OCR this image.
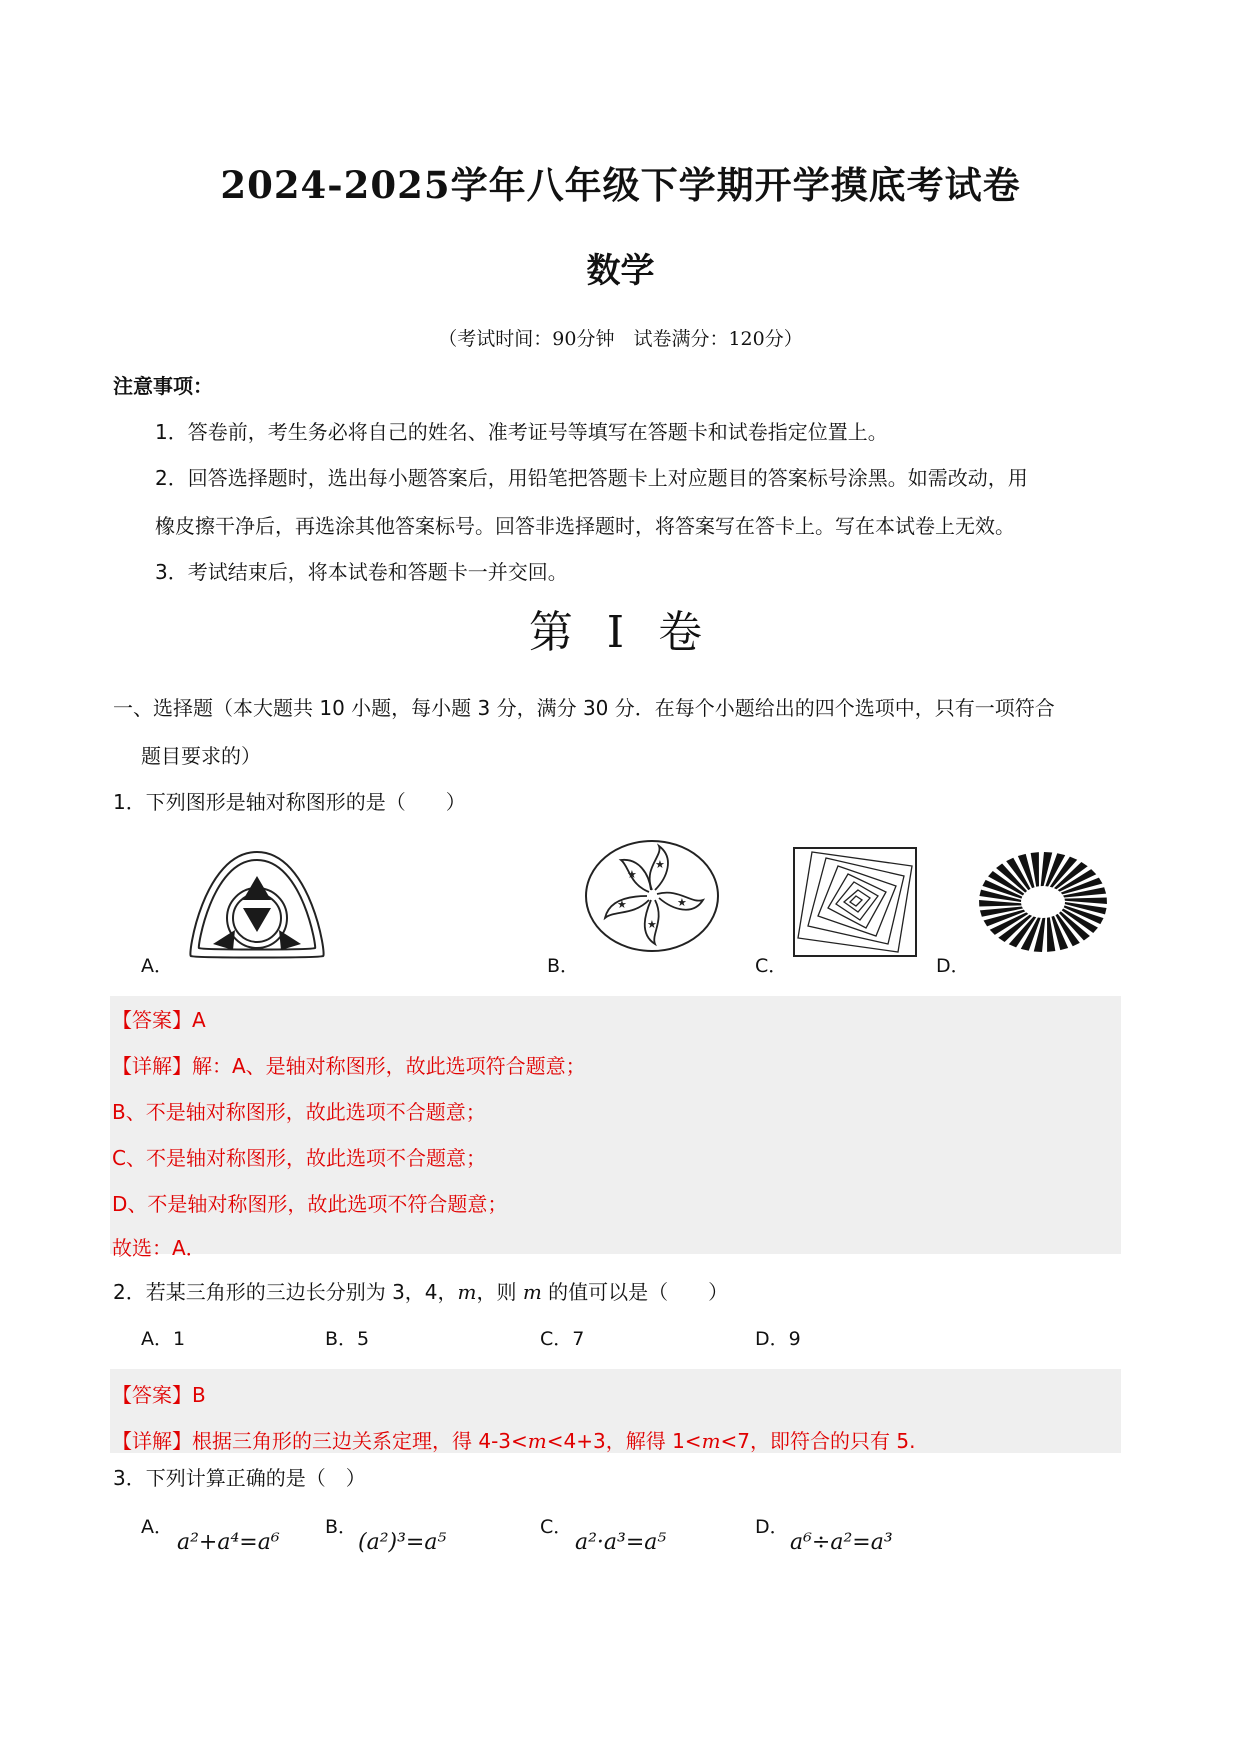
2024-2025学年八年级下学期开学摸底考试卷
数学
（考试时间：90分钟　试卷满分：120分）
注意事项：
1．答卷前，考生务必将自己的姓名、准考证号等填写在答题卡和试卷指定位置上。
2．回答选择题时，选出每小题答案后，用铅笔把答题卡上对应题目的答案标号涂黑。如需改动，用
橡皮擦干净后，再选涂其他答案标号。回答非选择题时，将答案写在答卡上。写在本试卷上无效。
3．考试结束后，将本试卷和答题卡一并交回。
第 I 卷
一、选择题（本大题共 10 小题，每小题 3 分，满分 30 分．在每个小题给出的四个选项中，只有一项符合
题目要求的）
1．下列图形是轴对称图形的是（　　）
A．
★
★
★
★
★
B．	C．	D．
【答案】A
【详解】解：A、是轴对称图形，故此选项符合题意；
B、不是轴对称图形，故此选项不合题意；
C、不是轴对称图形，故此选项不合题意；
D、不是轴对称图形，故此选项不符合题意；
故选：A．
2．若某三角形的三边长分别为 3，4，m，则 m 的值可以是（　　）
A．1	B．5	C．7	D．9
【答案】B
【详解】根据三角形的三边关系定理，得 4-3<m<4+3，解得 1<m<7，即符合的只有 5.
3．下列计算正确的是（　）
A．
a²+a⁴=a⁶
B．
(a²)³=a⁵
C．
a²·a³=a⁵
D．
a⁶÷a²=a³
